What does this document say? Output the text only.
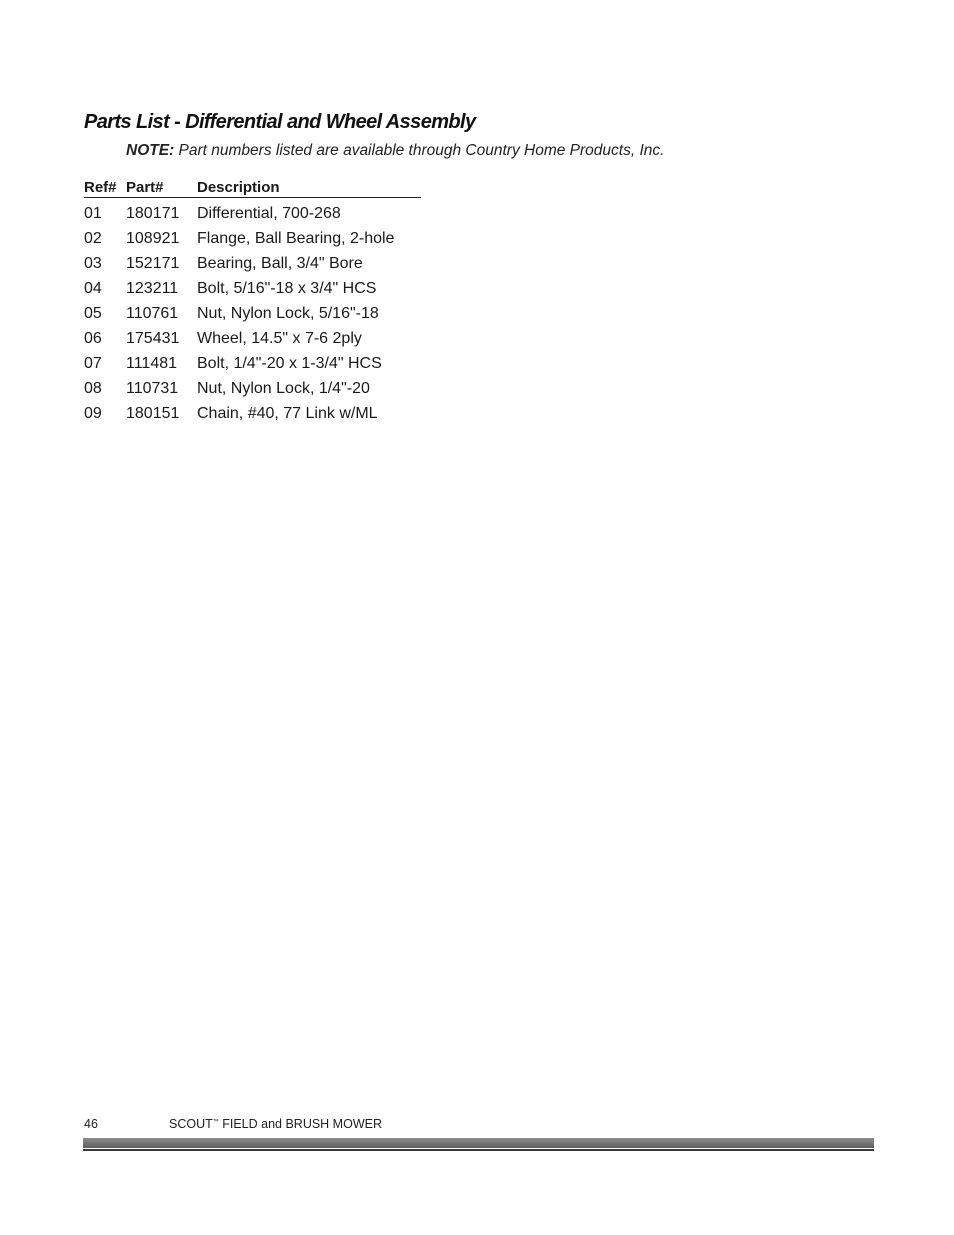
Parts List - Differential and Wheel Assembly
NOTE: Part numbers listed are available through Country Home Products, Inc.
Ref#	Part#	Description
01	180171	Differential, 700-268
02	108921	Flange, Ball Bearing, 2-hole
03	152171	Bearing, Ball, 3/4" Bore
04	123211	Bolt, 5/16"-18 x 3/4" HCS
05	110761	Nut, Nylon Lock, 5/16"-18
06	175431	Wheel, 14.5" x 7-6 2ply
07	111481	Bolt, 1/4"-20 x 1-3/4" HCS
08	110731	Nut, Nylon Lock, 1/4"-20
09	180151	Chain, #40, 77 Link w/ML
46	SCOUT™ FIELD and BRUSH MOWER
